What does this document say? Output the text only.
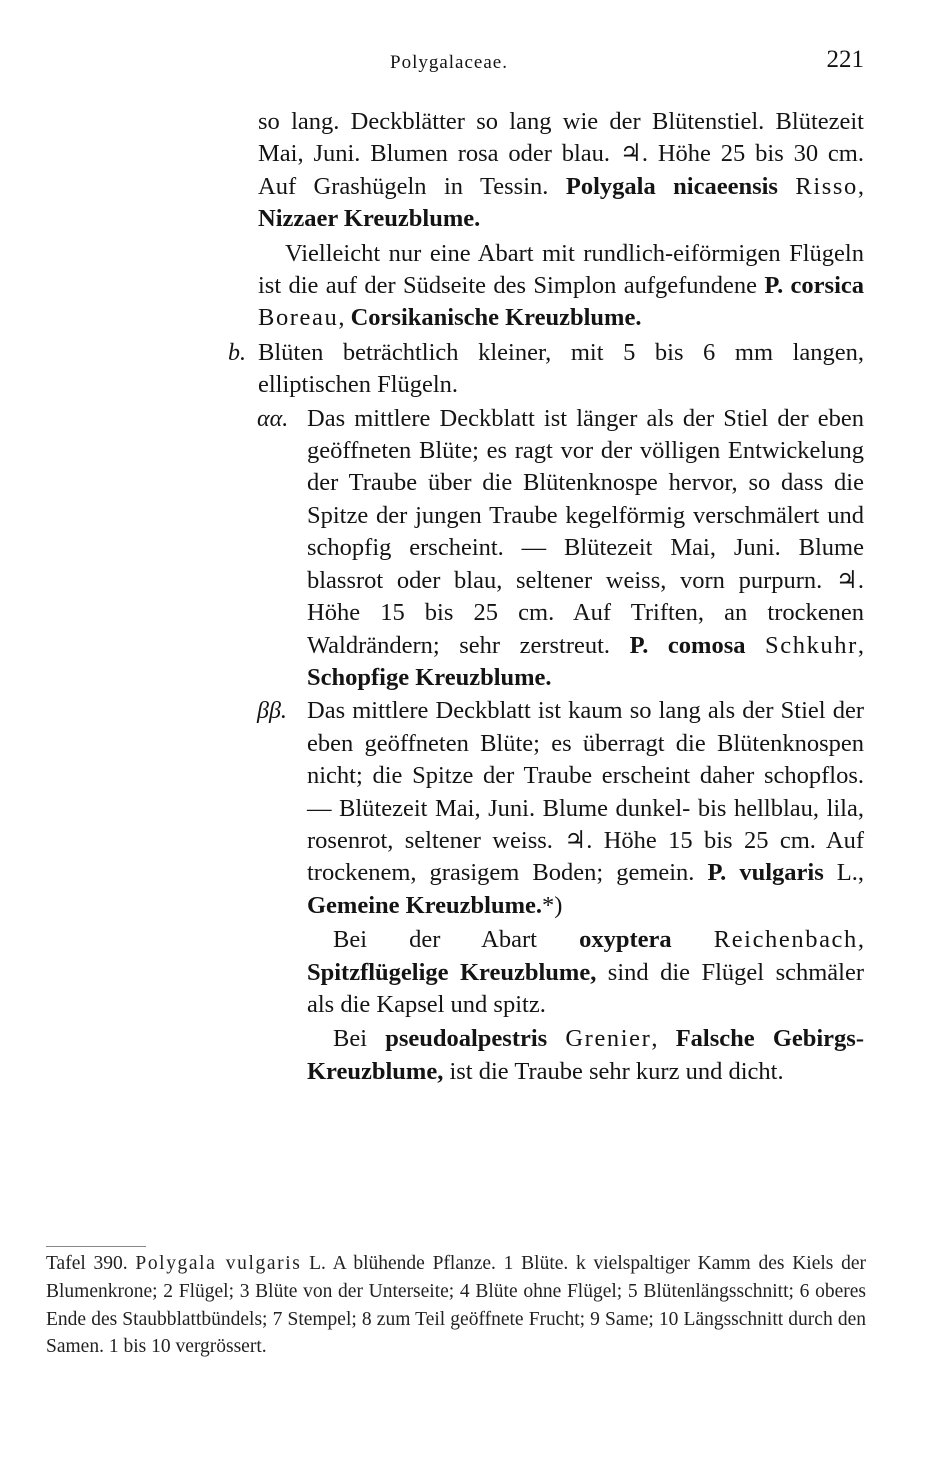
Polygalaceae.	221

so lang. Deckblätter so lang wie der Blütenstiel. Blütezeit Mai, Juni. Blumen rosa oder blau. ♃. Höhe 25 bis 30 cm. Auf Grashügeln in Tessin. Polygala nicaeensis Risso, Nizzaer Kreuzblume.

Vielleicht nur eine Abart mit rundlich-eiförmigen Flügeln ist die auf der Südseite des Simplon aufgefundene P. corsica Boreau, Corsikanische Kreuzblume.

b. Blüten beträchtlich kleiner, mit 5 bis 6 mm langen, elliptischen Flügeln.

αα. Das mittlere Deckblatt ist länger als der Stiel der eben geöffneten Blüte; es ragt vor der völligen Entwickelung der Traube über die Blütenknospe hervor, so dass die Spitze der jungen Traube kegelförmig verschmälert und schopfig erscheint. — Blütezeit Mai, Juni. Blume blassrot oder blau, seltener weiss, vorn purpurn. ♃. Höhe 15 bis 25 cm. Auf Triften, an trockenen Waldrändern; sehr zerstreut. P. comosa Schkuhr, Schopfige Kreuzblume.

ββ. Das mittlere Deckblatt ist kaum so lang als der Stiel der eben geöffneten Blüte; es überragt die Blütenknospen nicht; die Spitze der Traube erscheint daher schopflos. — Blütezeit Mai, Juni. Blume dunkel- bis hellblau, lila, rosenrot, seltener weiss. ♃. Höhe 15 bis 25 cm. Auf trockenem, grasigem Boden; gemein. P. vulgaris L., Gemeine Kreuzblume.*)

Bei der Abart oxyptera Reichenbach, Spitzflügelige Kreuzblume, sind die Flügel schmäler als die Kapsel und spitz.

Bei pseudoalpestris Grenier, Falsche Gebirgs-Kreuzblume, ist die Traube sehr kurz und dicht.

Tafel 390. Polygala vulgaris L. A blühende Pflanze. 1 Blüte. k vielspaltiger Kamm des Kiels der Blumenkrone; 2 Flügel; 3 Blüte von der Unterseite; 4 Blüte ohne Flügel; 5 Blütenlängsschnitt; 6 oberes Ende des Staubblattbündels; 7 Stempel; 8 zum Teil geöffnete Frucht; 9 Same; 10 Längsschnitt durch den Samen. 1 bis 10 vergrössert.
